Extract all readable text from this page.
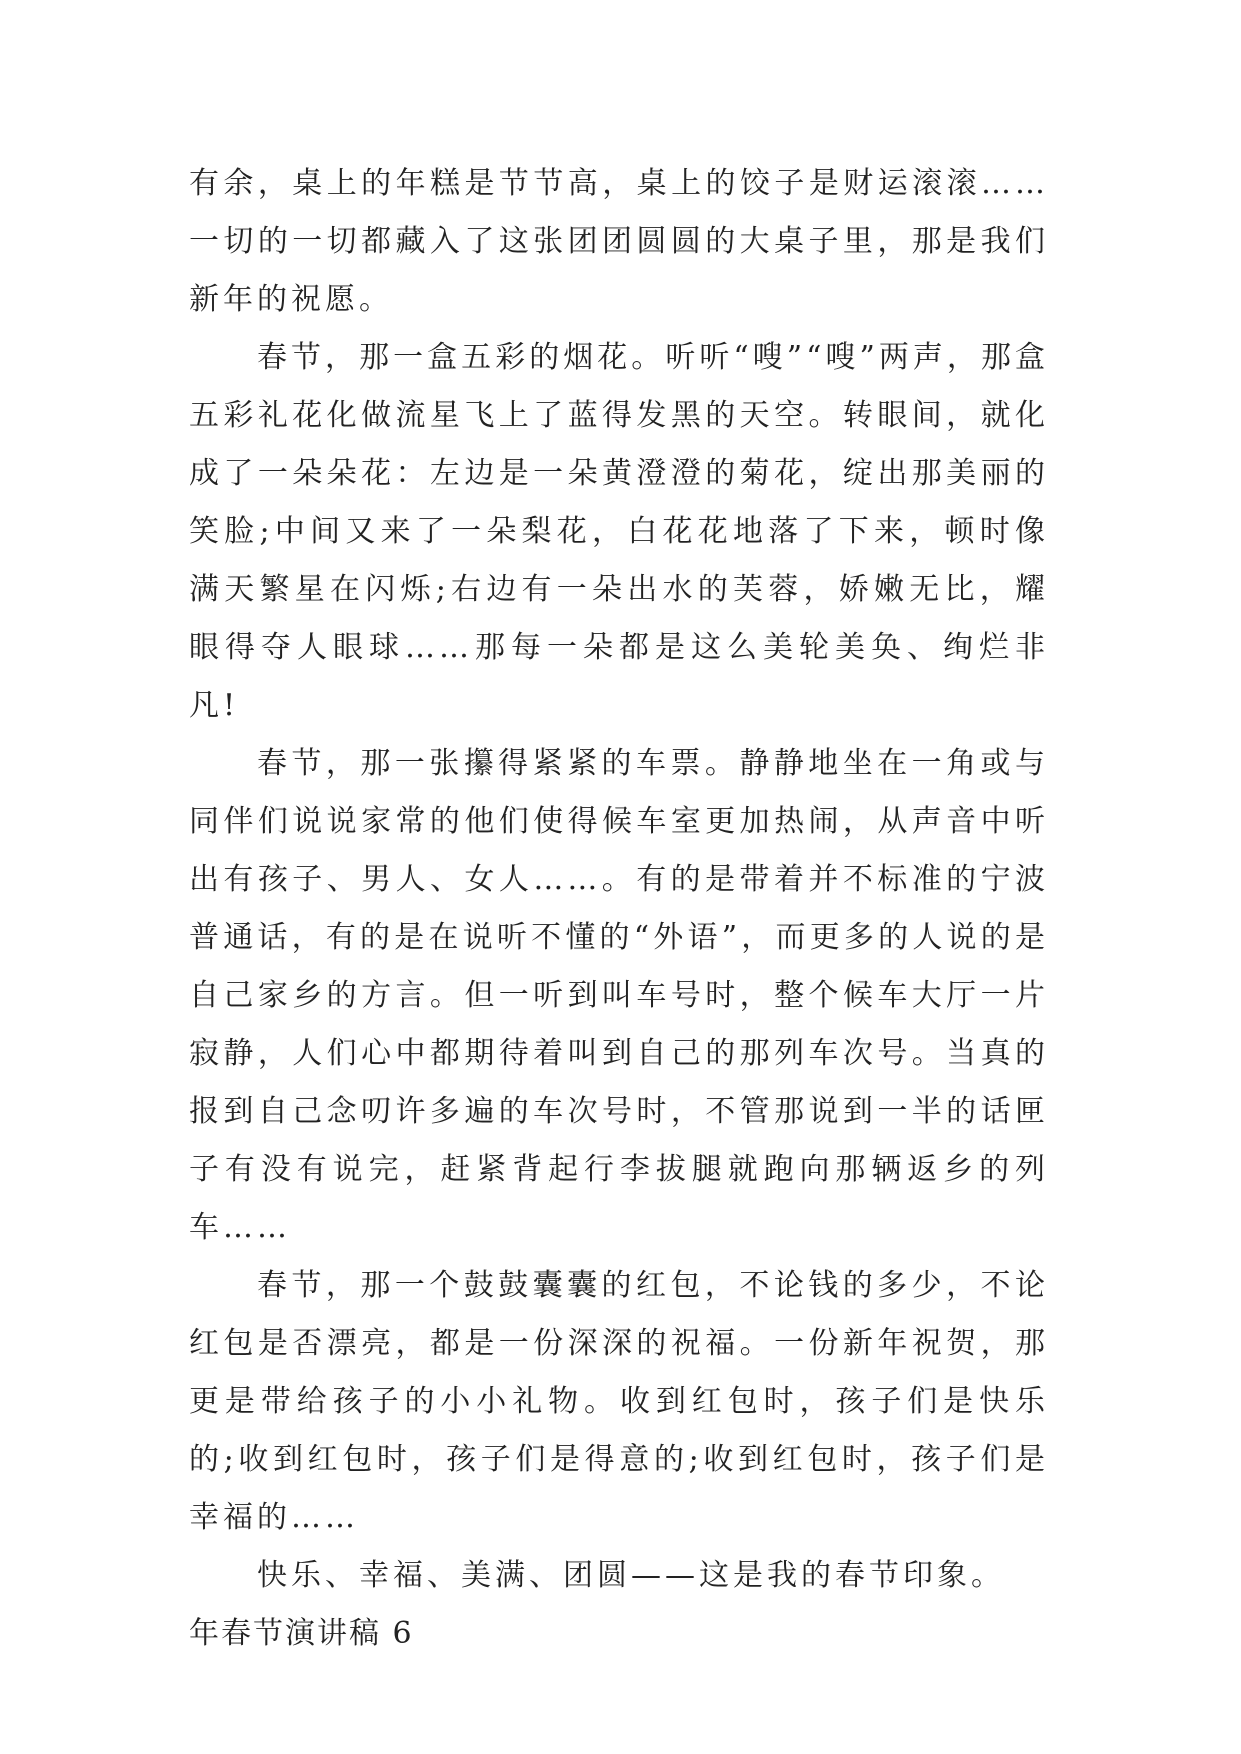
有余，桌上的年糕是节节高，桌上的饺子是财运滚滚……一切的一切都藏入了这张团团圆圆的大桌子里，那是我们新年的祝愿。

春节，那一盒五彩的烟花。听听“嗖”“嗖”两声，那盒五彩礼花化做流星飞上了蓝得发黑的天空。转眼间，就化成了一朵朵花：左边是一朵黄澄澄的菊花，绽出那美丽的笑脸;中间又来了一朵梨花，白花花地落了下来，顿时像满天繁星在闪烁;右边有一朵出水的芙蓉，娇嫩无比，耀眼得夺人眼球……那每一朵都是这么美轮美奂、绚烂非凡!

春节，那一张攥得紧紧的车票。静静地坐在一角或与同伴们说说家常的他们使得候车室更加热闹，从声音中听出有孩子、男人、女人……。有的是带着并不标准的宁波普通话，有的是在说听不懂的“外语”，而更多的人说的是自己家乡的方言。但一听到叫车号时，整个候车大厅一片寂静，人们心中都期待着叫到自己的那列车次号。当真的报到自己念叨许多遍的车次号时，不管那说到一半的话匣子有没有说完，赶紧背起行李拔腿就跑向那辆返乡的列车……

春节，那一个鼓鼓囊囊的红包，不论钱的多少，不论红包是否漂亮，都是一份深深的祝福。一份新年祝贺，那更是带给孩子的小小礼物。收到红包时，孩子们是快乐的;收到红包时，孩子们是得意的;收到红包时，孩子们是幸福的……

快乐、幸福、美满、团圆——这是我的春节印象。

年春节演讲稿 6
